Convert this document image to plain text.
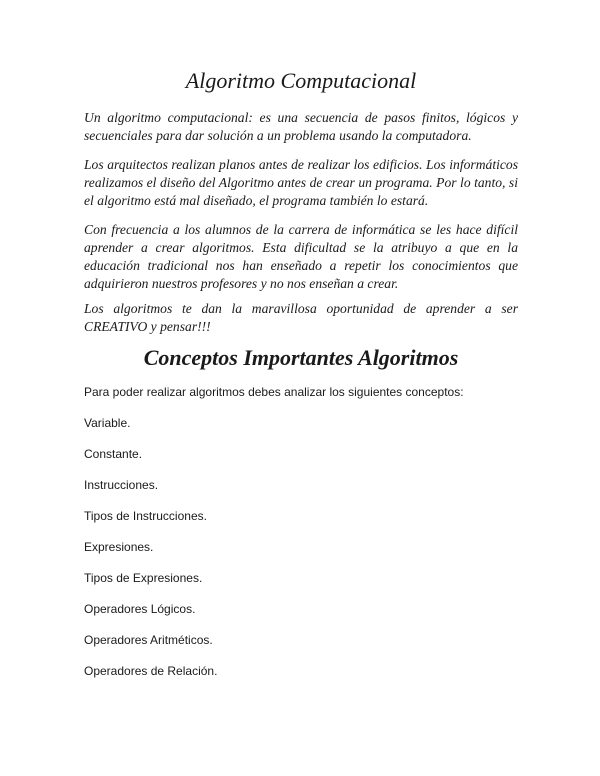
Algoritmo Computacional

Un algoritmo computacional: es una secuencia de pasos finitos, lógicos y secuenciales para dar solución a un problema usando la computadora.

Los arquitectos realizan planos antes de realizar los edificios. Los informáticos realizamos el diseño del Algoritmo antes de crear un programa. Por lo tanto, si el algoritmo está mal diseñado, el programa también lo estará.

Con frecuencia a los alumnos de la carrera de informática se les hace difícil aprender a crear algoritmos. Esta dificultad se la atribuyo a que en la educación tradicional nos han enseñado a repetir los conocimientos que adquirieron nuestros profesores y no nos enseñan a crear.

Los algoritmos te dan la maravillosa oportunidad de aprender a ser CREATIVO y pensar!!!

Conceptos Importantes Algoritmos

Para poder realizar algoritmos debes analizar los siguientes conceptos:

Variable.
Constante.
Instrucciones.
Tipos de Instrucciones.
Expresiones.
Tipos de Expresiones.
Operadores Lógicos.
Operadores Aritméticos.
Operadores de Relación.
